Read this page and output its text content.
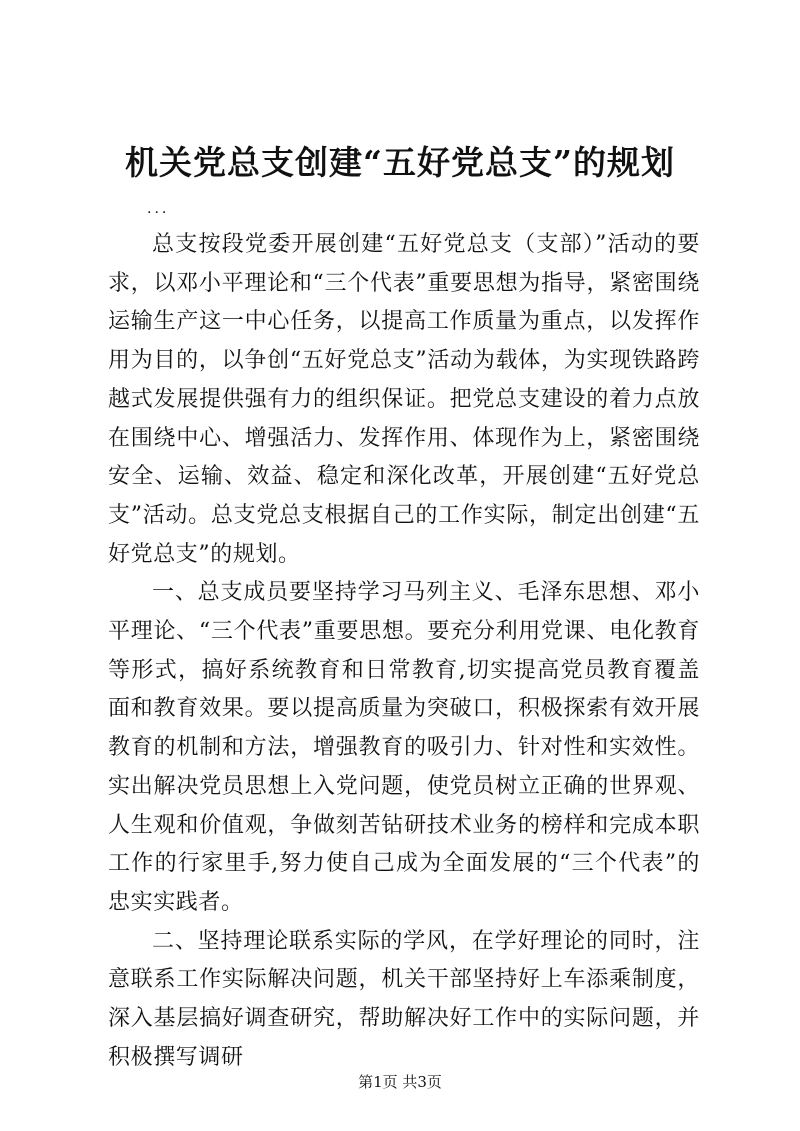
机关党总支创建“五好党总支”的规划
...

总支按段党委开展创建“五好党总支（支部）”活动的要求，以邓小平理论和“三个代表”重要思想为指导，紧密围绕运输生产这一中心任务，以提高工作质量为重点，以发挥作用为目的，以争创“五好党总支”活动为载体，为实现铁路跨越式发展提供强有力的组织保证。把党总支建设的着力点放在围绕中心、增强活力、发挥作用、体现作为上，紧密围绕安全、运输、效益、稳定和深化改革，开展创建“五好党总支”活动。总支党总支根据自己的工作实际，制定出创建“五好党总支”的规划。

一、总支成员要坚持学习马列主义、毛泽东思想、邓小平理论、“三个代表”重要思想。要充分利用党课、电化教育等形式，搞好系统教育和日常教育,切实提高党员教育覆盖面和教育效果。要以提高质量为突破口，积极探索有效开展教育的机制和方法，增强教育的吸引力、针对性和实效性。实出解决党员思想上入党问题，使党员树立正确的世界观、人生观和价值观，争做刻苦钻研技术业务的榜样和完成本职工作的行家里手,努力使自己成为全面发展的“三个代表”的忠实实践者。

二、坚持理论联系实际的学风，在学好理论的同时，注意联系工作实际解决问题，机关干部坚持好上车添乘制度，深入基层搞好调查研究，帮助解决好工作中的实际问题，并积极撰写调研

第1页 共3页
